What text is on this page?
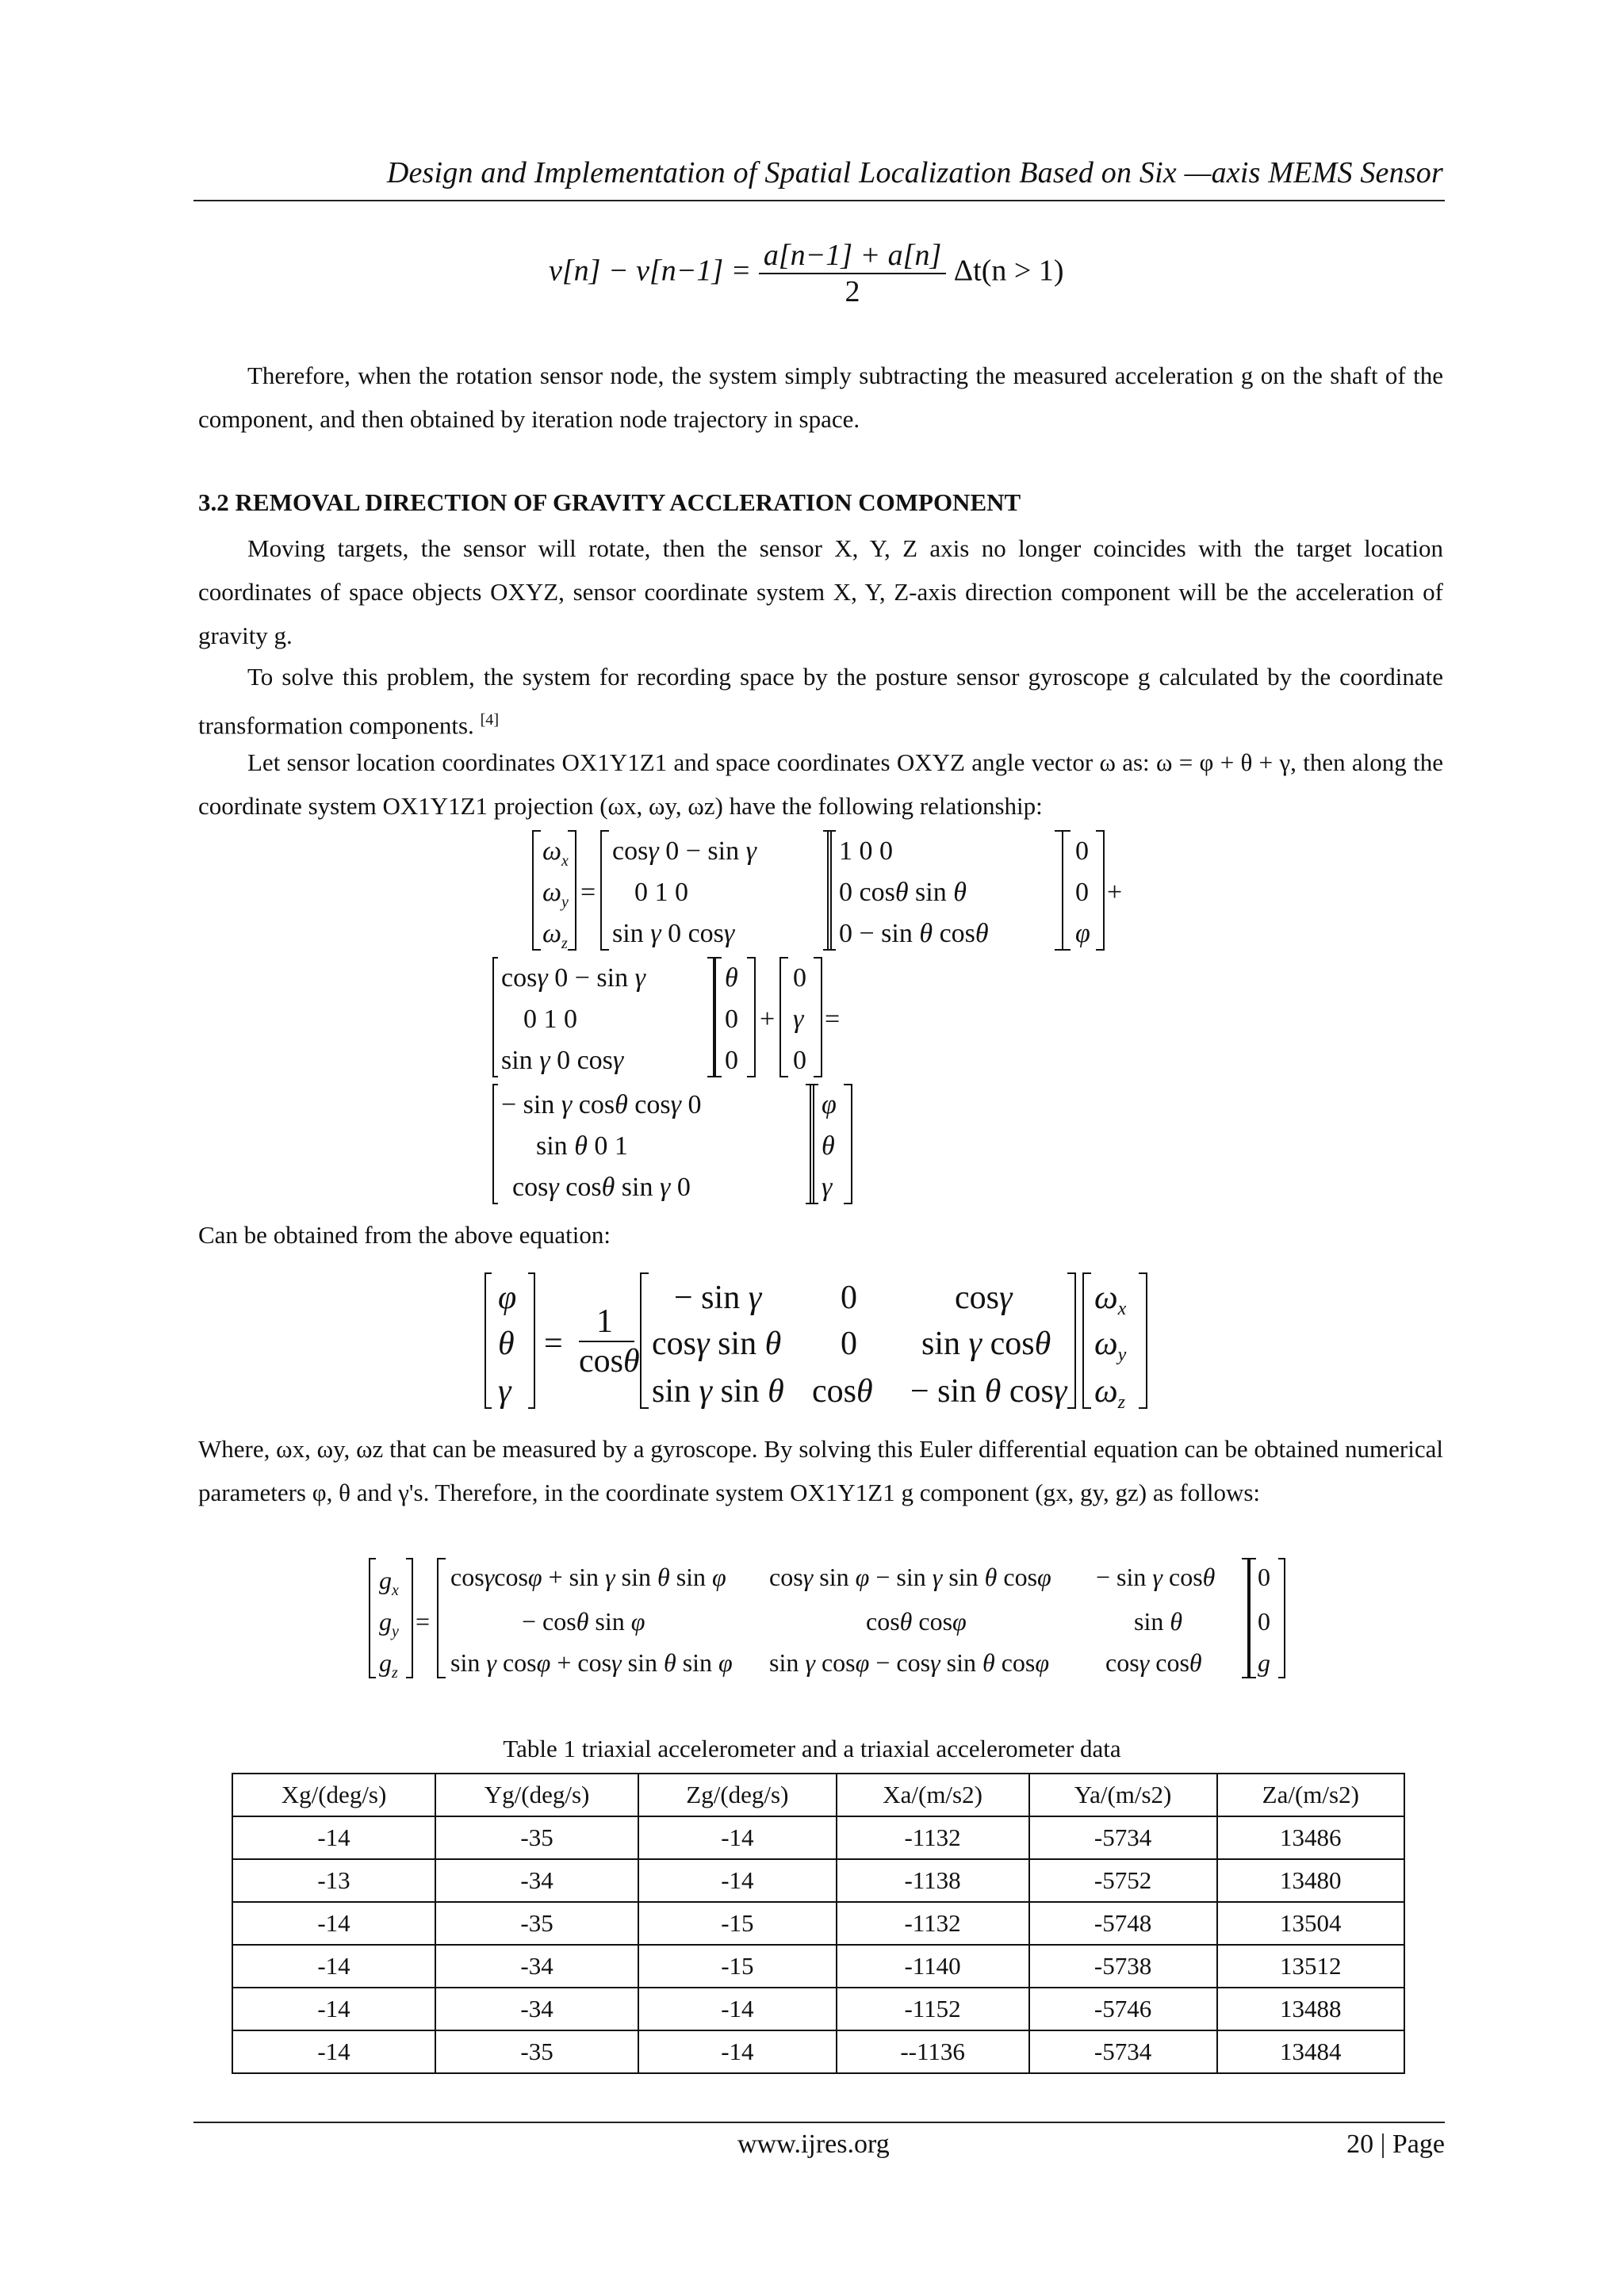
Design and Implementation of Spatial Localization Based on Six —axis MEMS Sensor
$v[n] - v[n-1] = \frac{a[n-1] + a[n]}{2} \Delta t(n > 1)$
Therefore, when the rotation sensor node, the system simply subtracting the measured acceleration g on the shaft of the component, and then obtained by iteration node trajectory in space.
3.2 REMOVAL DIRECTION OF GRAVITY ACCLERATION COMPONENT
Moving targets, the sensor will rotate, then the sensor X, Y, Z axis no longer coincides with the target location coordinates of space objects OXYZ, sensor coordinate system X, Y, Z-axis direction component will be the acceleration of gravity g.
To solve this problem, the system for recording space by the posture sensor gyroscope g calculated by the coordinate transformation components. [4]
Let sensor location coordinates OX1Y1Z1 and space coordinates OXYZ angle vector ω as: ω = φ + θ + γ, then along the coordinate system OX1Y1Z1 projection (ωx, ωy, ωz) have the following relationship:
$\omega_x$
$\omega_y$
$\omega_z$
=
cosγ 0 − sin γ
0 1 0
sin γ 0 cosγ
1 0 0
0 cosθ sin θ
0 − sin θ cosθ
0
0
φ
+
cosγ 0 − sin γ
0 1 0
sin γ 0 cosγ
θ
0
0
+
0
γ
0
=
− sin γ cosθ cosγ 0
sin θ 0 1
cosγ cosθ sin γ 0
φ
θ
γ
Can be obtained from the above equation:
φ
θ
γ
=
1
cosθ
− sin γ 0	cosγ
cosγ sin θ 0 sin γ cosθ
sin γ sin θ cosθ − sin θ cosγ
ωx
ωy
ωz
Where, ωx, ωy, ωz that can be measured by a gyroscope. By solving this Euler differential equation can be obtained numerical parameters φ, θ and γ's. Therefore, in the coordinate system OX1Y1Z1 g component (gx, gy, gz) as follows:
$g_x$
$g_y$
$g_z$
=
cosγcosφ + sin γ sin θ sin φ cosγ sin φ − sin γ sin θ cosφ − sin γ cosθ 0
− cosθ sin φ	cosθ cosφ	sin θ	0
sin γ cosφ + cosγ sin θ sin φ sin γ cosφ − cosγ sin θ cosφ cosγ cosθ g
Table 1 triaxial accelerometer and a triaxial accelerometer data
Xg/(deg/s)	Yg/(deg/s)	Zg/(deg/s)	Xa/(m/s2)	Ya/(m/s2)	Za/(m/s2)
-14	-35	-14	-1132	-5734	13486
-13	-34	-14	-1138	-5752	13480
-14	-35	-15	-1132	-5748	13504
-14	-34	-15	-1140	-5738	13512
-14	-34	-14	-1152	-5746	13488
-14	-35	-14	--1136	-5734	13484
www.ijres.org	20 | Page
